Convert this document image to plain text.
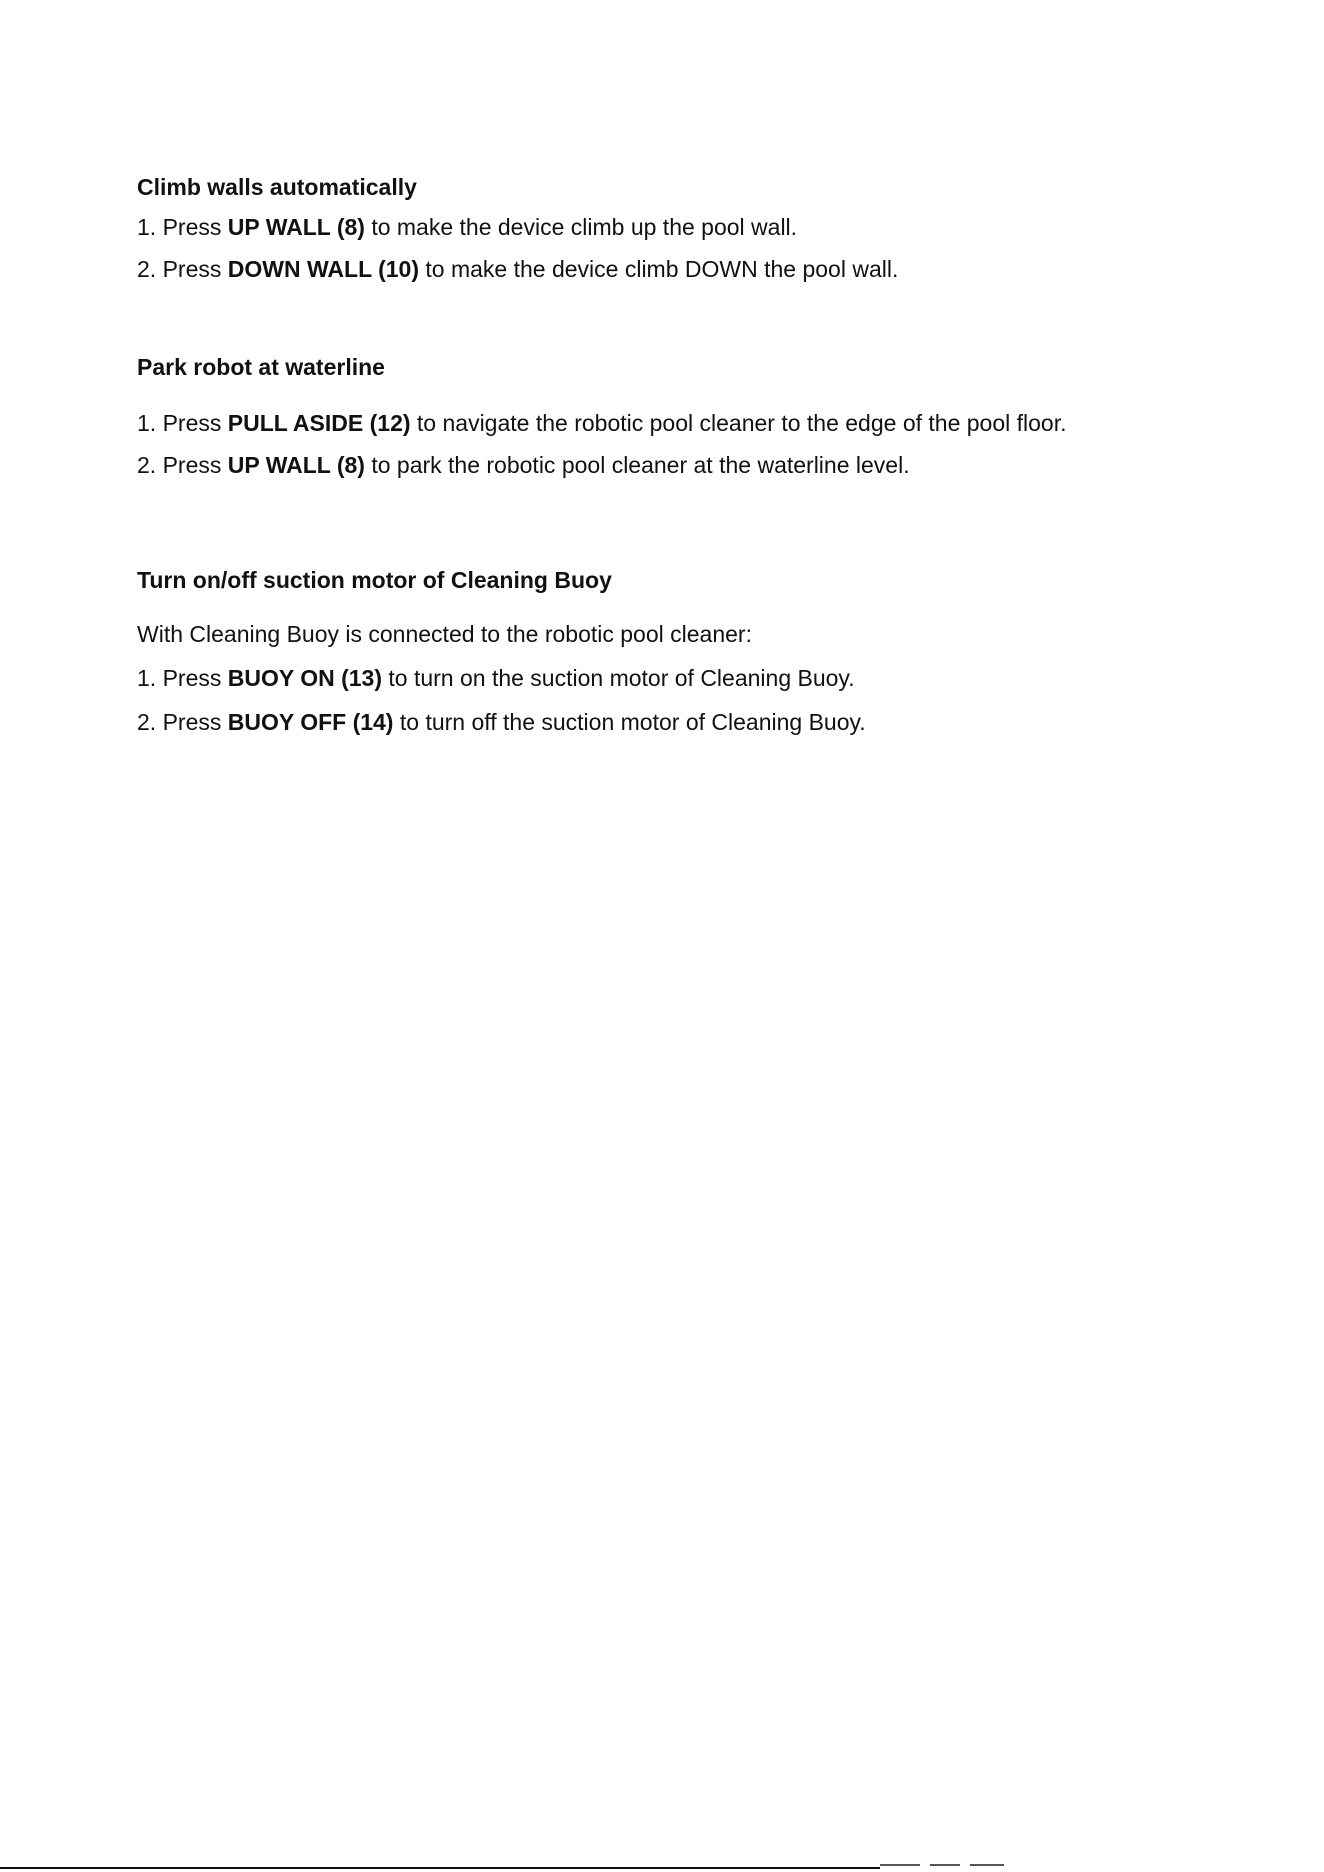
Climb walls automatically

1. Press UP WALL (8) to make the device climb up the pool wall.

2. Press DOWN WALL (10) to make the device climb DOWN the pool wall.

Park robot at waterline

1. Press PULL ASIDE (12) to navigate the robotic pool cleaner to the edge of the pool floor.

2. Press UP WALL (8) to park the robotic pool cleaner at the waterline level.

Turn on/off suction motor of Cleaning Buoy

With Cleaning Buoy is connected to the robotic pool cleaner:

1. Press BUOY ON (13) to turn on the suction motor of Cleaning Buoy.

2. Press BUOY OFF (14) to turn off the suction motor of Cleaning Buoy.
